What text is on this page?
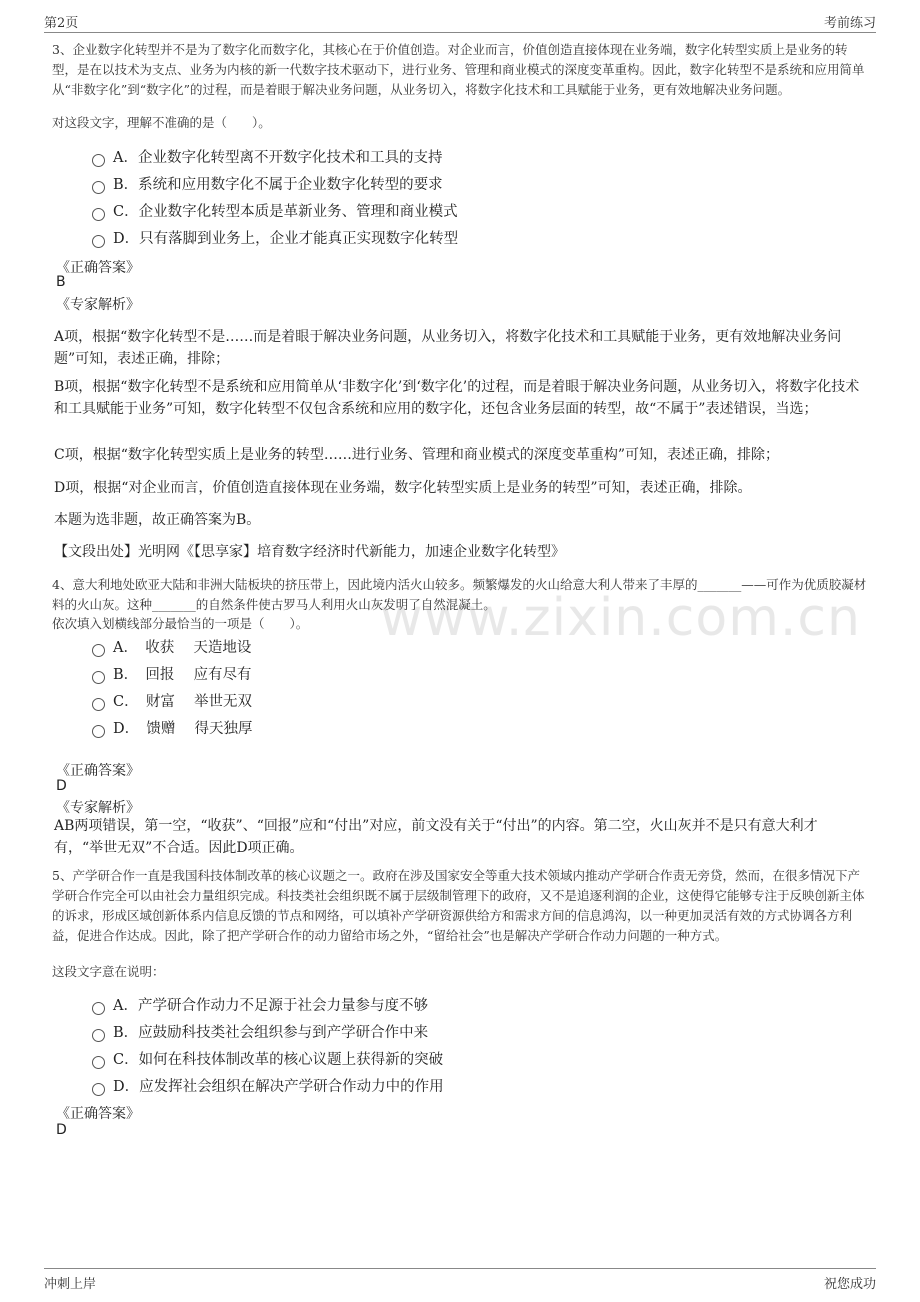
第2页	考前练习
www.zixin.com.cn
3、企业数字化转型并不是为了数字化而数字化，其核心在于价值创造。对企业而言，价值创造直接体现在业务端，数字化转型实质上是业务的转型，是在以技术为支点、业务为内核的新一代数字技术驱动下，进行业务、管理和商业模式的深度变革重构。因此，数字化转型不是系统和应用简单从“非数字化”到“数字化”的过程，而是着眼于解决业务问题，从业务切入，将数字化技术和工具赋能于业务，更有效地解决业务问题。
对这段文字，理解不准确的是（　　）。
A．企业数字化转型离不开数字化技术和工具的支持
B．系统和应用数字化不属于企业数字化转型的要求
C．企业数字化转型本质是革新业务、管理和商业模式
D．只有落脚到业务上，企业才能真正实现数字化转型
《正确答案》
B
《专家解析》
A项，根据“数字化转型不是……而是着眼于解决业务问题，从业务切入，将数字化技术和工具赋能于业务，更有效地解决业务问题”可知，表述正确，排除；
B项，根据“数字化转型不是系统和应用简单从‘非数字化’到‘数字化’的过程，而是着眼于解决业务问题，从业务切入，将数字化技术和工具赋能于业务”可知，数字化转型不仅包含系统和应用的数字化，还包含业务层面的转型，故“不属于”表述错误，当选；
C项，根据“数字化转型实质上是业务的转型……进行业务、管理和商业模式的深度变革重构”可知，表述正确，排除；
D项，根据“对企业而言，价值创造直接体现在业务端，数字化转型实质上是业务的转型”可知，表述正确，排除。
本题为选非题，故正确答案为B。
【文段出处】光明网《【思享家】培育数字经济时代新能力，加速企业数字化转型》
4、意大利地处欧亚大陆和非洲大陆板块的挤压带上，因此境内活火山较多。频繁爆发的火山给意大利人带来了丰厚的_______——可作为优质胶凝材料的火山灰。这种_______的自然条件使古罗马人利用火山灰发明了自然混凝土。
依次填入划横线部分最恰当的一项是（　　）。
A．　收获　 天造地设
B．　回报　 应有尽有
C．　财富　 举世无双
D．　馈赠　 得天独厚
《正确答案》
D
《专家解析》
AB两项错误，第一空，“收获”、“回报”应和“付出”对应，前文没有关于“付出”的内容。第二空，火山灰并不是只有意大利才有，“举世无双”不合适。因此D项正确。
5、产学研合作一直是我国科技体制改革的核心议题之一。政府在涉及国家安全等重大技术领域内推动产学研合作责无旁贷，然而，在很多情况下产学研合作完全可以由社会力量组织完成。科技类社会组织既不属于层级制管理下的政府，又不是追逐利润的企业，这使得它能够专注于反映创新主体的诉求，形成区域创新体系内信息反馈的节点和网络，可以填补产学研资源供给方和需求方间的信息鸿沟，以一种更加灵活有效的方式协调各方利益，促进合作达成。因此，除了把产学研合作的动力留给市场之外，“留给社会”也是解决产学研合作动力问题的一种方式。
这段文字意在说明：
A．产学研合作动力不足源于社会力量参与度不够
B．应鼓励科技类社会组织参与到产学研合作中来
C．如何在科技体制改革的核心议题上获得新的突破
D．应发挥社会组织在解决产学研合作动力中的作用
《正确答案》
D
冲刺上岸	祝您成功
